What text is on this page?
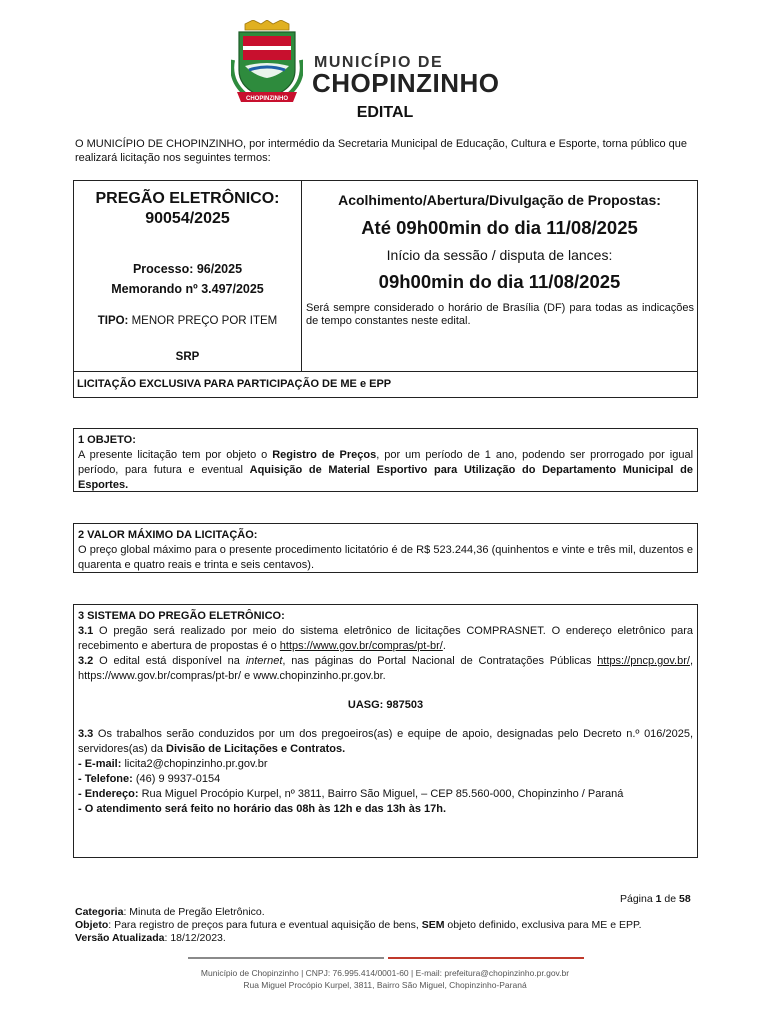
CHOPINZINHO
MUNICÍPIO DE
CHOPINZINHO
EDITAL
O MUNICÍPIO DE CHOPINZINHO, por intermédio da Secretaria Municipal de Educação, Cultura e Esporte, torna público que realizará licitação nos seguintes termos:
PREGÃO ELETRÔNICO:
90054/2025
Processo: 96/2025
Memorando nº 3.497/2025
TIPO: MENOR PREÇO POR ITEM
SRP
Acolhimento/Abertura/Divulgação de Propostas:
Até 09h00min do dia 11/08/2025
Início da sessão / disputa de lances:
09h00min do dia 11/08/2025
Será sempre considerado o horário de Brasília (DF) para todas as indicações de tempo constantes neste edital.
LICITAÇÃO EXCLUSIVA PARA PARTICIPAÇÃO DE ME e EPP

1 OBJETO:

A presente licitação tem por objeto o Registro de Preços, por um período de 1 ano, podendo ser prorrogado por igual período, para futura e eventual Aquisição de Material Esportivo para Utilização do Departamento Municipal de Esportes.

2 VALOR MÁXIMO DA LICITAÇÃO:

O preço global máximo para o presente procedimento licitatório é de R$ 523.244,36 (quinhentos e vinte e três mil, duzentos e quarenta e quatro reais e trinta e seis centavos).

3 SISTEMA DO PREGÃO ELETRÔNICO:

3.1 O pregão será realizado por meio do sistema eletrônico de licitações COMPRASNET. O endereço eletrônico para recebimento e abertura de propostas é o https://www.gov.br/compras/pt-br/.

3.2 O edital está disponível na internet, nas páginas do Portal Nacional de Contratações Públicas https://pncp.gov.br/, https://www.gov.br/compras/pt-br/ e www.chopinzinho.pr.gov.br.

UASG: 987503

3.3 Os trabalhos serão conduzidos por um dos pregoeiros(as) e equipe de apoio, designadas pelo Decreto n.º 016/2025, servidores(as) da Divisão de Licitações e Contratos.

- E-mail: licita2@chopinzinho.pr.gov.br

- Telefone: (46) 9 9937-0154

- Endereço: Rua Miguel Procópio Kurpel, nº 3811, Bairro São Miguel, – CEP 85.560-000, Chopinzinho / Paraná

- O atendimento será feito no horário das 08h às 12h e das 13h às 17h.

Página 1 de 58
Categoria: Minuta de Pregão Eletrônico.
Objeto: Para registro de preços para futura e eventual aquisição de bens, SEM objeto definido, exclusiva para ME e EPP.
Versão Atualizada: 18/12/2023.
Município de Chopinzinho | CNPJ: 76.995.414/0001-60 | E-mail: prefeitura@chopinzinho.pr.gov.br
Rua Miguel Procópio Kurpel, 3811, Bairro São Miguel, Chopinzinho-Paraná
